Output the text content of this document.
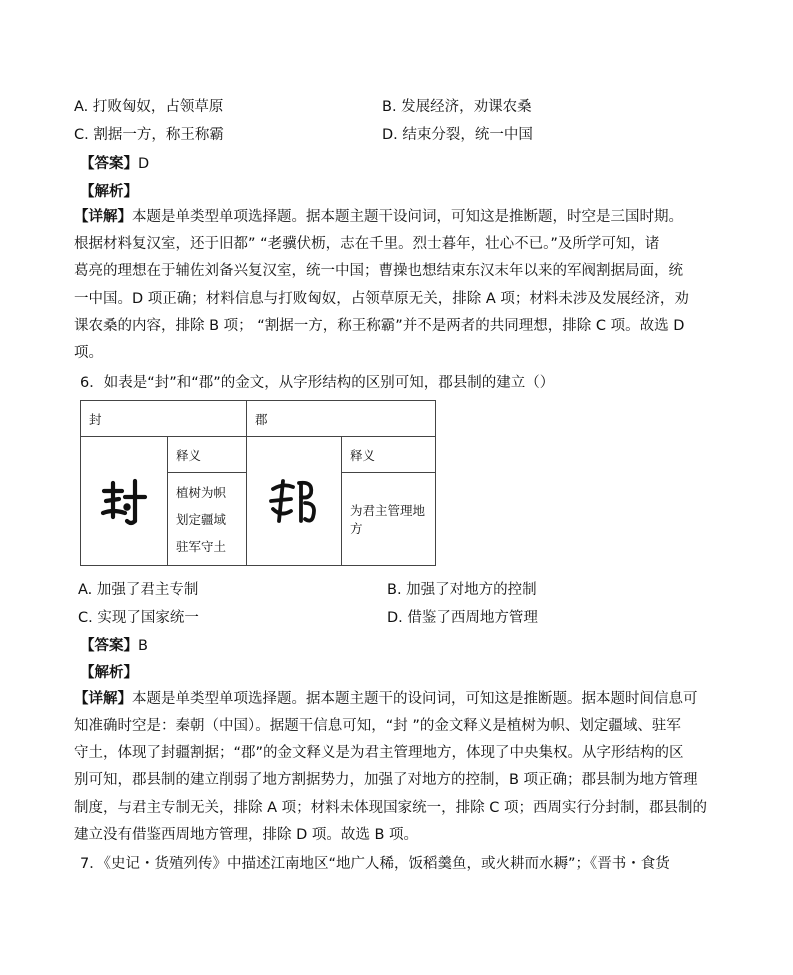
A. 打败匈奴，占领草原	B. 发展经济，劝课农桑
C. 割据一方，称王称霸	D. 结束分裂，统一中国
【答案】D
【解析】
【详解】本题是单类型单项选择题。据本题主题干设问词，可知这是推断题，时空是三国时期。
根据材料复汉室，还于旧都” “老骥伏枥，志在千里。烈士暮年，壮心不已。”及所学可知，诸
葛亮的理想在于辅佐刘备兴复汉室，统一中国；曹操也想结束东汉末年以来的军阀割据局面，统
一中国。D 项正确；材料信息与打败匈奴，占领草原无关，排除 A 项；材料未涉及发展经济，劝
课农桑的内容，排除 B 项； “割据一方，称王称霸”并不是两者的共同理想，排除 C 项。故选 D
项。
6．如表是“封”和“郡”的金文，从字形结构的区别可知，郡县制的建立（）
封		郡	

	释义		释义

	植树为帜
划定疆域
驻军守土		为君主管理地方
A. 加强了君主专制	B. 加强了对地方的控制
C. 实现了国家统一	D. 借鉴了西周地方管理
【答案】B
【解析】
【详解】本题是单类型单项选择题。据本题主题干的设问词，可知这是推断题。据本题时间信息可
知准确时空是：秦朝（中国）。据题干信息可知，“封 ”的金文释义是植树为帜、划定疆域、驻军
守土，体现了封疆割据；“郡”的金文释义是为君主管理地方，体现了中央集权。从字形结构的区
别可知，郡县制的建立削弱了地方割据势力，加强了对地方的控制，B 项正确；郡县制为地方管理
制度，与君主专制无关，排除 A 项；材料未体现国家统一，排除 C 项；西周实行分封制，郡县制的
建立没有借鉴西周地方管理，排除 D 项。故选 B 项。
7．《史记・货殖列传》中描述江南地区“地广人稀，饭稻羹鱼，或火耕而水耨”；《晋书・食货
